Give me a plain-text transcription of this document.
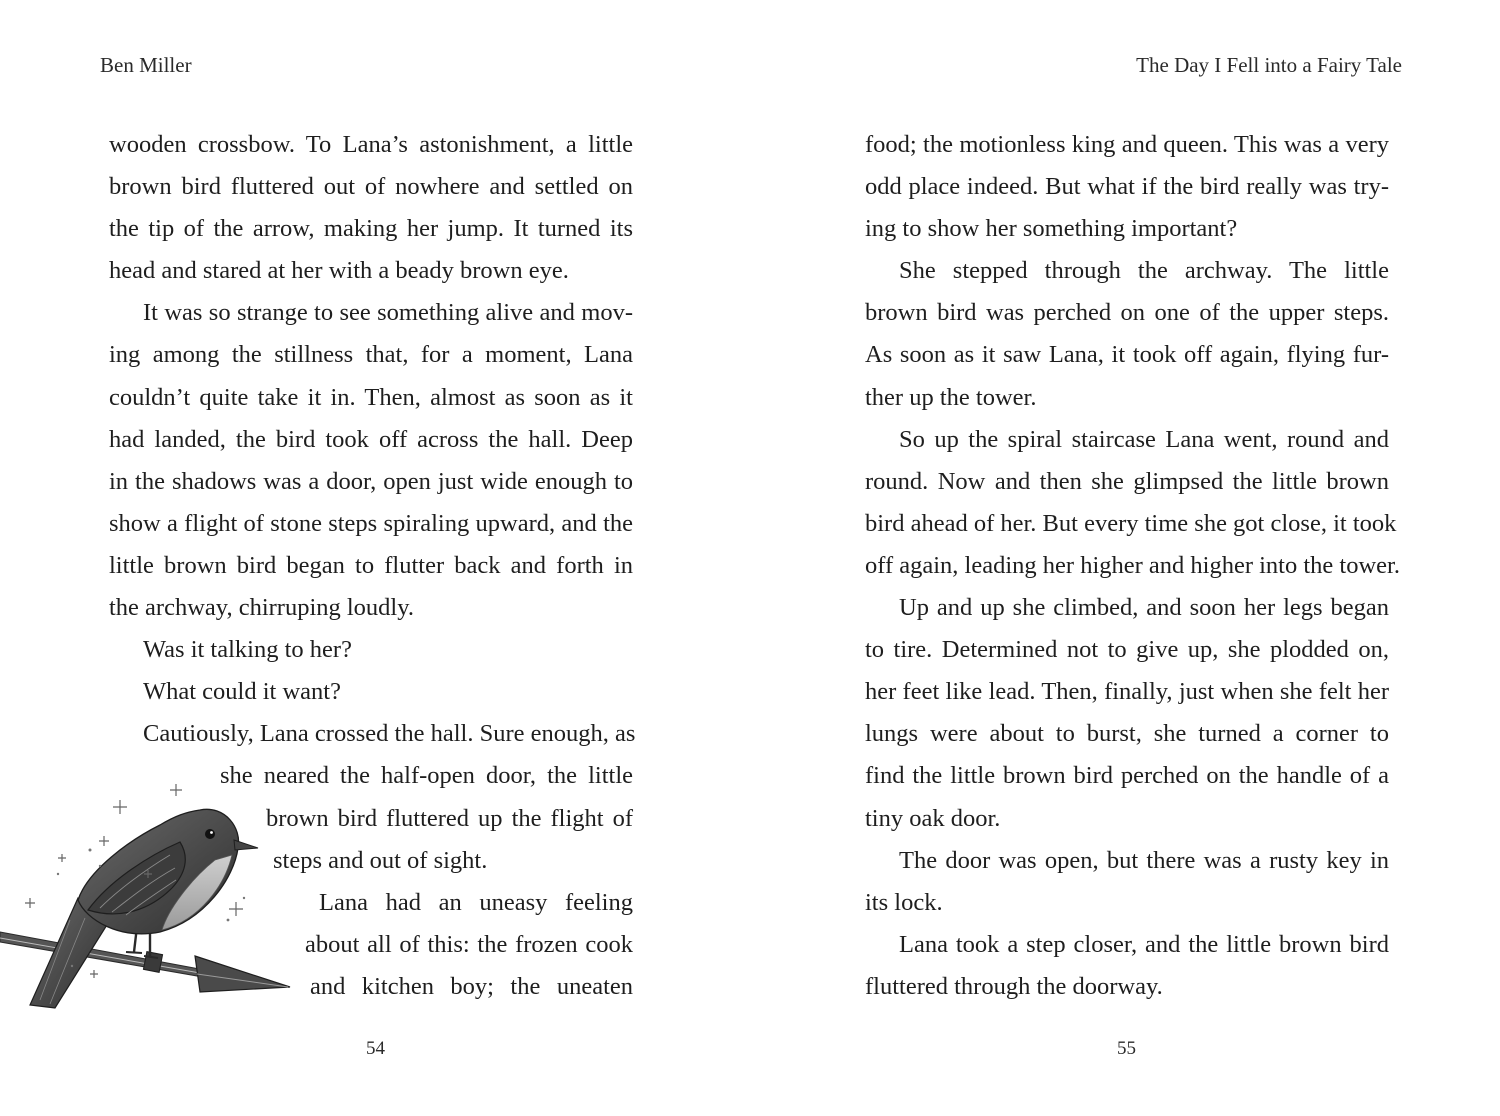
Ben Miller
wooden crossbow. To Lana’s astonishment, a little
brown bird fluttered out of nowhere and settled on
the tip of the arrow, making her jump. It turned its
head and stared at her with a beady brown eye.
It was so strange to see something alive and mov-
ing among the stillness that, for a moment, Lana
couldn’t quite take it in. Then, almost as soon as it
had landed, the bird took off across the hall. Deep
in the shadows was a door, open just wide enough to
show a flight of stone steps spiraling upward, and the
little brown bird began to flutter back and forth in
the archway, chirruping loudly.
Was it talking to her?
What could it want?
Cautiously, Lana crossed the hall. Sure enough, as
she neared the half-open door, the little
brown bird fluttered up the flight of
steps and out of sight.
Lana had an uneasy feeling
about all of this: the frozen cook
and kitchen boy; the uneaten
54
The Day I Fell into a Fairy Tale
food; the motionless king and queen. This was a very
odd place indeed. But what if the bird really was try-
ing to show her something important?
She stepped through the archway. The little
brown bird was perched on one of the upper steps.
As soon as it saw Lana, it took off again, flying fur-
ther up the tower.
So up the spiral staircase Lana went, round and
round. Now and then she glimpsed the little brown
bird ahead of her. But every time she got close, it took
off again, leading her higher and higher into the tower.
Up and up she climbed, and soon her legs began
to tire. Determined not to give up, she plodded on,
her feet like lead. Then, finally, just when she felt her
lungs were about to burst, she turned a corner to
find the little brown bird perched on the handle of a
tiny oak door.
The door was open, but there was a rusty key in
its lock.
Lana took a step closer, and the little brown bird
fluttered through the doorway.
55
